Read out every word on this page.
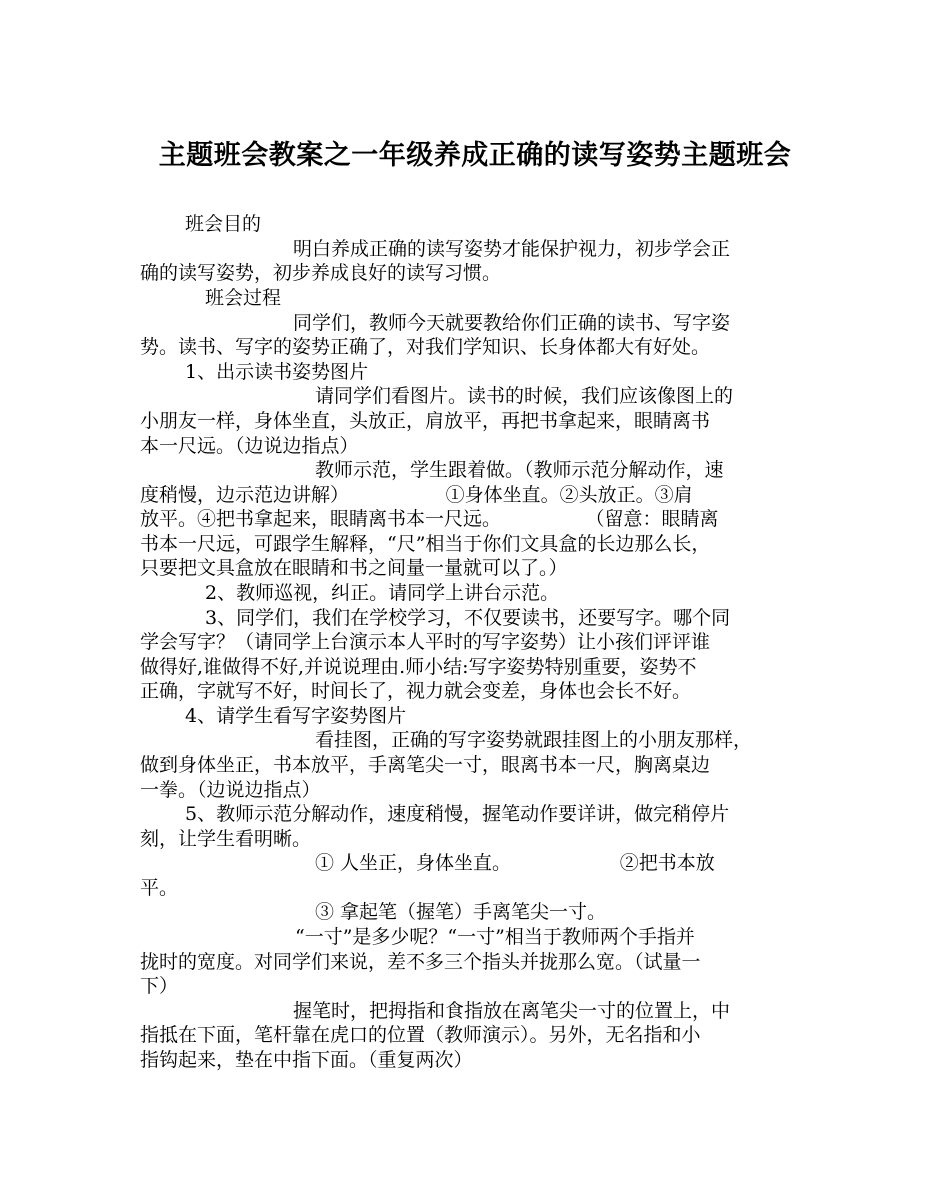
主题班会教案之一年级养成正确的读写姿势主题班会
班会目的
明白养成正确的读写姿势才能保护视力，初步学会正
确的读写姿势，初步养成良好的读写习惯。
班会过程
同学们，教师今天就要教给你们正确的读书、写字姿
势。读书、写字的姿势正确了，对我们学知识、长身体都大有好处。
1、出示读书姿势图片
请同学们看图片。读书的时候，我们应该像图上的
小朋友一样，身体坐直，头放正，肩放平，再把书拿起来，眼睛离书
本一尺远。（边说边指点）
教师示范，学生跟着做。（教师示范分解动作，速
度稍慢，边示范边讲解）                ①身体坐直。②头放正。③肩
放平。④把书拿起来，眼睛离书本一尺远。              （留意：眼睛离
书本一尺远，可跟学生解释，“尺”相当于你们文具盒的长边那么长，
只要把文具盒放在眼睛和书之间量一量就可以了。）
2、教师巡视，纠正。请同学上讲台示范。
3、同学们，我们在学校学习，不仅要读书，还要写字。哪个同
学会写字？（请同学上台演示本人平时的写字姿势）让小孩们评评谁
做得好,谁做得不好,并说说理由.师小结:写字姿势特别重要，姿势不
正确，字就写不好，时间长了，视力就会变差，身体也会长不好。
4、请学生看写字姿势图片
看挂图，正确的写字姿势就跟挂图上的小朋友那样，
做到身体坐正，书本放平，手离笔尖一寸，眼离书本一尺，胸离桌边
一拳。（边说边指点）
5、教师示范分解动作，速度稍慢，握笔动作要详讲，做完稍停片
刻，让学生看明晰。
① 人坐正，身体坐直。                  ②把书本放
平。
③ 拿起笔（握笔）手离笔尖一寸。
“一寸”是多少呢？“一寸”相当于教师两个手指并
拢时的宽度。对同学们来说，差不多三个指头并拢那么宽。（试量一
下）
握笔时，把拇指和食指放在离笔尖一寸的位置上，中
指抵在下面，笔杆靠在虎口的位置（教师演示）。另外，无名指和小
指钩起来，垫在中指下面。（重复两次）
